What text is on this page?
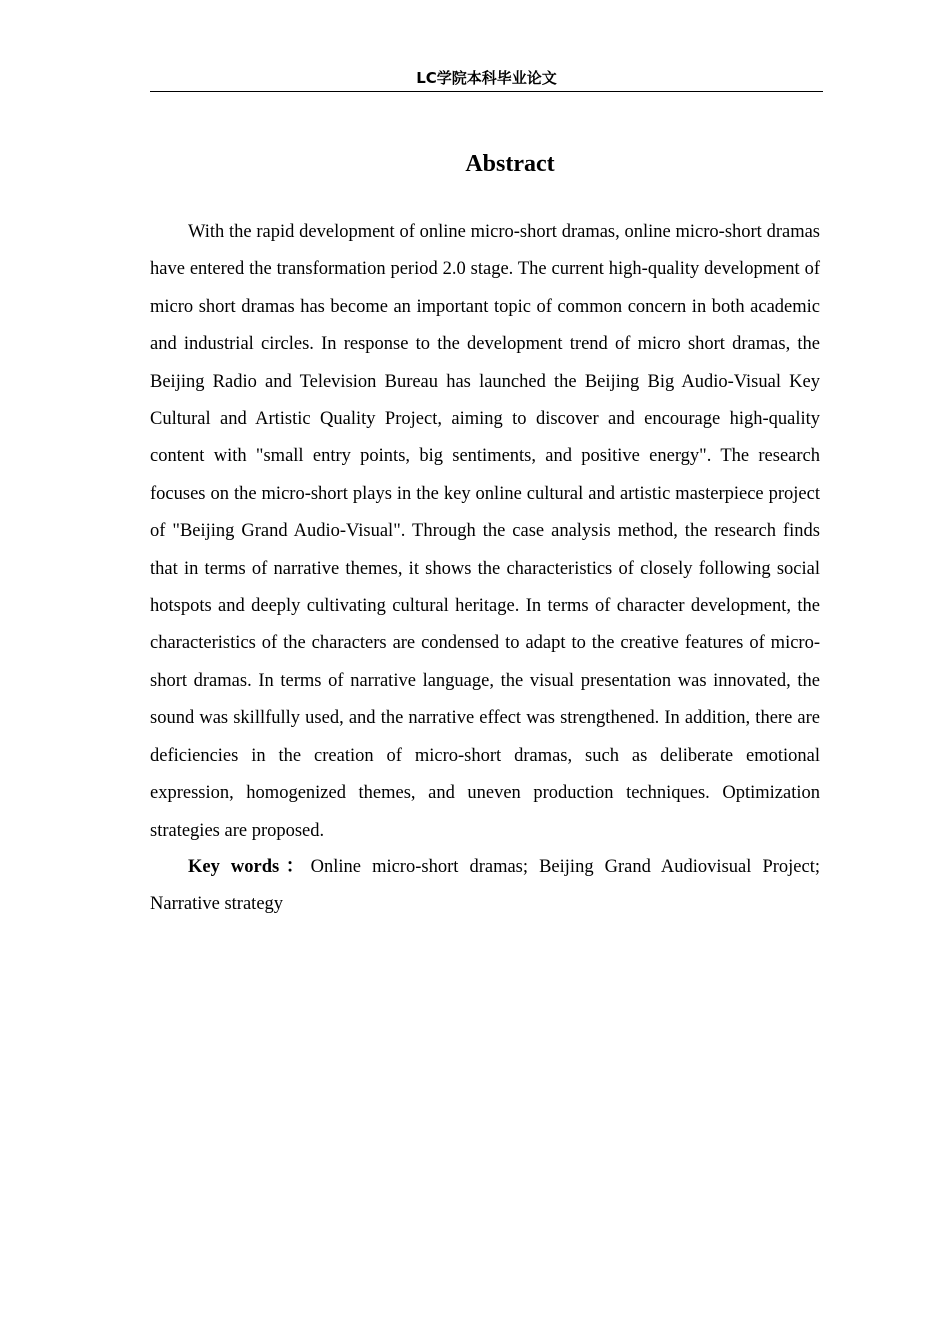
LC学院本科毕业论文
Abstract

With the rapid development of online micro-short dramas, online micro-short dramas have entered the transformation period 2.0 stage. The current high-quality development of micro short dramas has become an important topic of common concern in both academic and industrial circles. In response to the development trend of micro short dramas, the Beijing Radio and Television Bureau has launched the Beijing Big Audio-Visual Key Cultural and Artistic Quality Project, aiming to discover and encourage high-quality content with "small entry points, big sentiments, and positive energy". The research focuses on the micro-short plays in the key online cultural and artistic masterpiece project of "Beijing Grand Audio-Visual". Through the case analysis method, the research finds that in terms of narrative themes, it shows the characteristics of closely following social hotspots and deeply cultivating cultural heritage. In terms of character development, the characteristics of the characters are condensed to adapt to the creative features of micro-short dramas. In terms of narrative language, the visual presentation was innovated, the sound was skillfully used, and the narrative effect was strengthened. In addition, there are deficiencies in the creation of micro-short dramas, such as deliberate emotional expression, homogenized themes, and uneven production techniques. Optimization strategies are proposed.

Key words：Online micro-short dramas; Beijing Grand Audiovisual Project; Narrative strategy
